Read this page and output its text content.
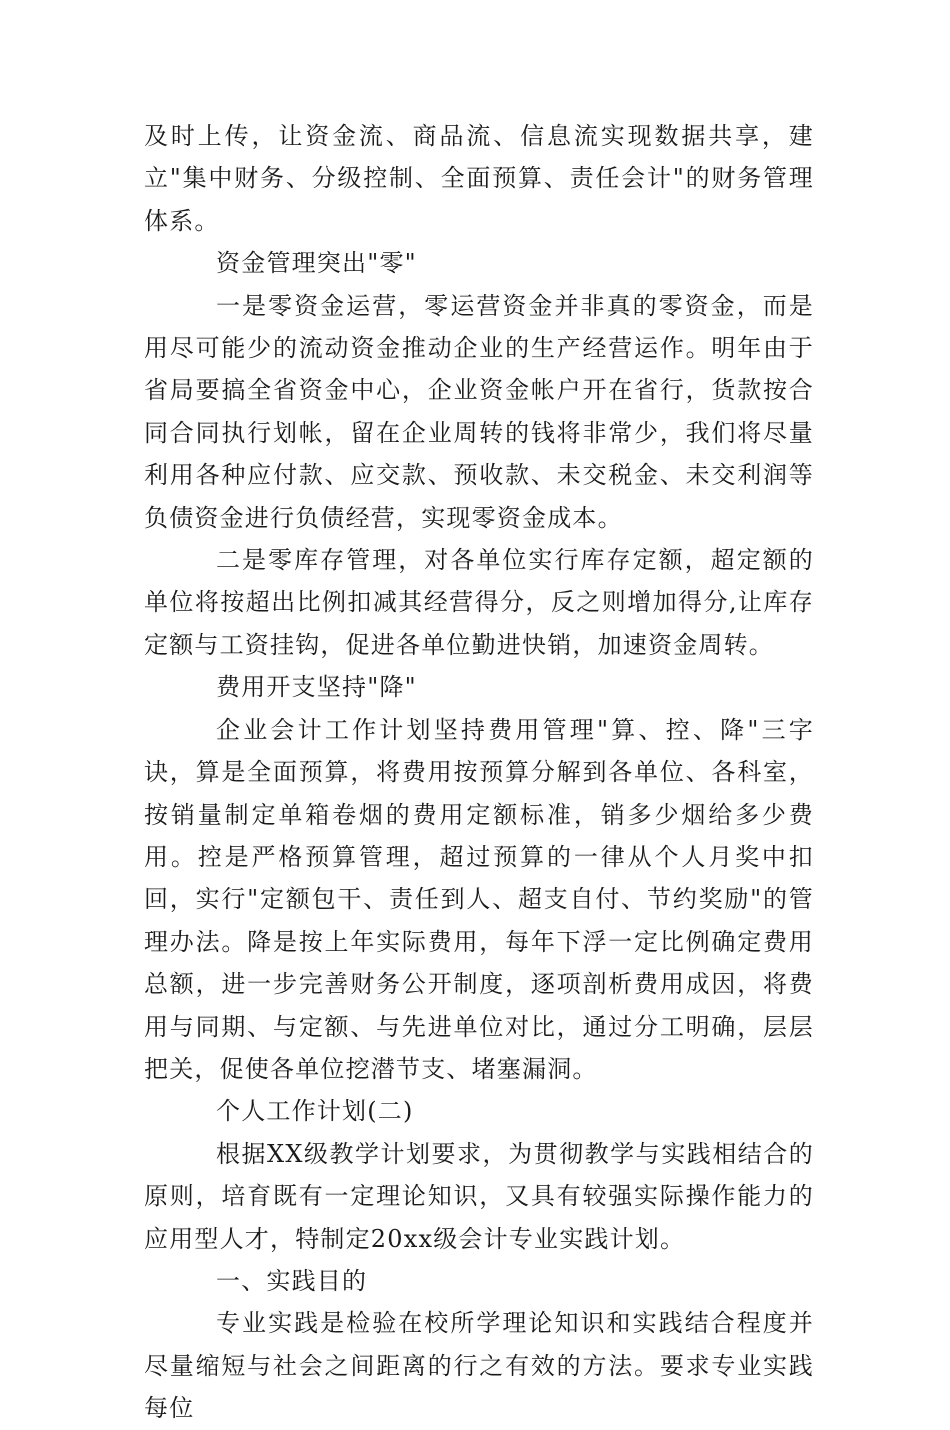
及时上传，让资金流、商品流、信息流实现数据共享，建立"集中财务、分级控制、全面预算、责任会计"的财务管理体系。

资金管理突出"零"

一是零资金运营，零运营资金并非真的零资金，而是用尽可能少的流动资金推动企业的生产经营运作。明年由于省局要搞全省资金中心，企业资金帐户开在省行，货款按合同合同执行划帐，留在企业周转的钱将非常少，我们将尽量利用各种应付款、应交款、预收款、未交税金、未交利润等负债资金进行负债经营，实现零资金成本。

二是零库存管理，对各单位实行库存定额，超定额的单位将按超出比例扣减其经营得分，反之则增加得分,让库存定额与工资挂钩，促进各单位勤进快销，加速资金周转。

费用开支坚持"降"

企业会计工作计划坚持费用管理"算、控、降"三字诀，算是全面预算，将费用按预算分解到各单位、各科室，按销量制定单箱卷烟的费用定额标准，销多少烟给多少费用。控是严格预算管理，超过预算的一律从个人月奖中扣回，实行"定额包干、责任到人、超支自付、节约奖励"的管理办法。降是按上年实际费用，每年下浮一定比例确定费用总额，进一步完善财务公开制度，逐项剖析费用成因，将费用与同期、与定额、与先进单位对比，通过分工明确，层层把关，促使各单位挖潜节支、堵塞漏洞。

个人工作计划(二)

根据XX级教学计划要求，为贯彻教学与实践相结合的原则，培育既有一定理论知识，又具有较强实际操作能力的应用型人才，特制定20xx级会计专业实践计划。

一、实践目的

专业实践是检验在校所学理论知识和实践结合程度并尽量缩短与社会之间距离的行之有效的方法。要求专业实践每位
